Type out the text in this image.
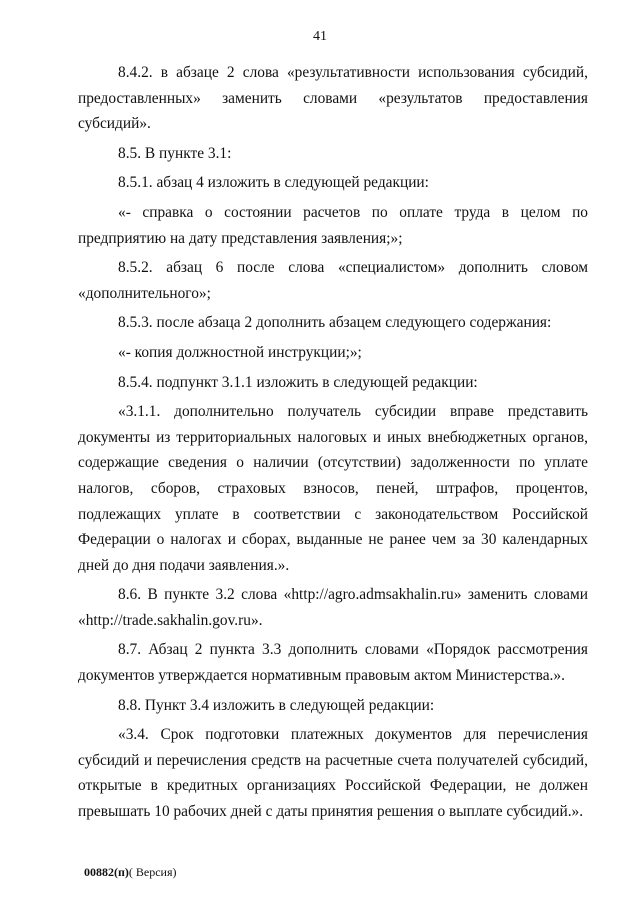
41

8.4.2. в абзаце 2 слова «результативности использования субсидий, предоставленных» заменить словами «результатов предоставления субсидий».

8.5. В пункте 3.1:

8.5.1. абзац 4 изложить в следующей редакции:

«- справка о состоянии расчетов по оплате труда в целом по предприятию на дату представления заявления;»;

8.5.2. абзац 6 после слова «специалистом» дополнить словом «дополнительного»;

8.5.3. после абзаца 2 дополнить абзацем следующего содержания:

«- копия должностной инструкции;»;

8.5.4. подпункт 3.1.1 изложить в следующей редакции:

«3.1.1. дополнительно получатель субсидии вправе представить документы из территориальных налоговых и иных внебюджетных органов, содержащие сведения о наличии (отсутствии) задолженности по уплате налогов, сборов, страховых взносов, пеней, штрафов, процентов, подлежащих уплате в соответствии с законодательством Российской Федерации о налогах и сборах, выданные не ранее чем за 30 календарных дней до дня подачи заявления.».

8.6. В пункте 3.2 слова «http://agro.admsakhalin.ru» заменить словами «http://trade.sakhalin.gov.ru».

8.7. Абзац 2 пункта 3.3 дополнить словами «Порядок рассмотрения документов утверждается нормативным правовым актом Министерства.».

8.8. Пункт 3.4 изложить в следующей редакции:

«3.4. Срок подготовки платежных документов для перечисления субсидий и перечисления средств на расчетные счета получателей субсидий, открытые в кредитных организациях Российской Федерации, не должен превышать 10 рабочих дней с даты принятия решения о выплате субсидий.».

00882(п)( Версия)
